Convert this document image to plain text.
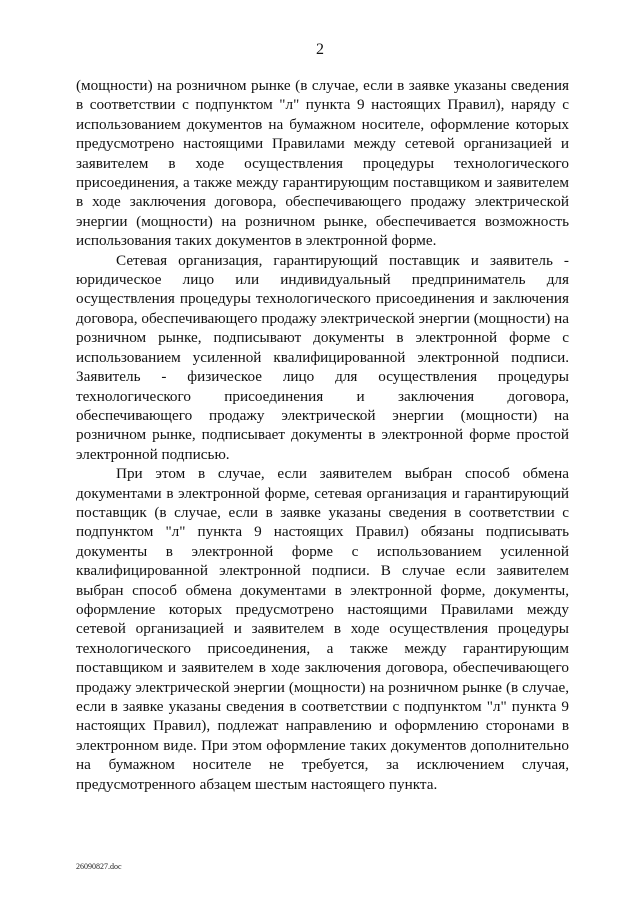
2

(мощности) на розничном рынке (в случае, если в заявке указаны сведения в соответствии с подпунктом "л" пункта 9 настоящих Правил), наряду с использованием документов на бумажном носителе, оформление которых предусмотрено настоящими Правилами между сетевой организацией и заявителем в ходе осуществления процедуры технологического присоединения, а также между гарантирующим поставщиком и заявителем в ходе заключения договора, обеспечивающего продажу электрической энергии (мощности) на розничном рынке, обеспечивается возможность использования таких документов в электронной форме.

Сетевая организация, гарантирующий поставщик и заявитель - юридическое лицо или индивидуальный предприниматель для осуществления процедуры технологического присоединения и заключения договора, обеспечивающего продажу электрической энергии (мощности) на розничном рынке, подписывают документы в электронной форме с использованием усиленной квалифицированной электронной подписи. Заявитель - физическое лицо для осуществления процедуры технологического присоединения и заключения договора, обеспечивающего продажу электрической энергии (мощности) на розничном рынке, подписывает документы в электронной форме простой электронной подписью.

При этом в случае, если заявителем выбран способ обмена документами в электронной форме, сетевая организация и гарантирующий поставщик (в случае, если в заявке указаны сведения в соответствии с подпунктом "л" пункта 9 настоящих Правил) обязаны подписывать документы в электронной форме с использованием усиленной квалифицированной электронной подписи. В случае если заявителем выбран способ обмена документами в электронной форме, документы, оформление которых предусмотрено настоящими Правилами между сетевой организацией и заявителем в ходе осуществления процедуры технологического присоединения, а также между гарантирующим поставщиком и заявителем в ходе заключения договора, обеспечивающего продажу электрической энергии (мощности) на розничном рынке (в случае, если в заявке указаны сведения в соответствии с подпунктом "л" пункта 9 настоящих Правил), подлежат направлению и оформлению сторонами в электронном виде. При этом оформление таких документов дополнительно на бумажном носителе не требуется, за исключением случая, предусмотренного абзацем шестым настоящего пункта.

26090827.doc
